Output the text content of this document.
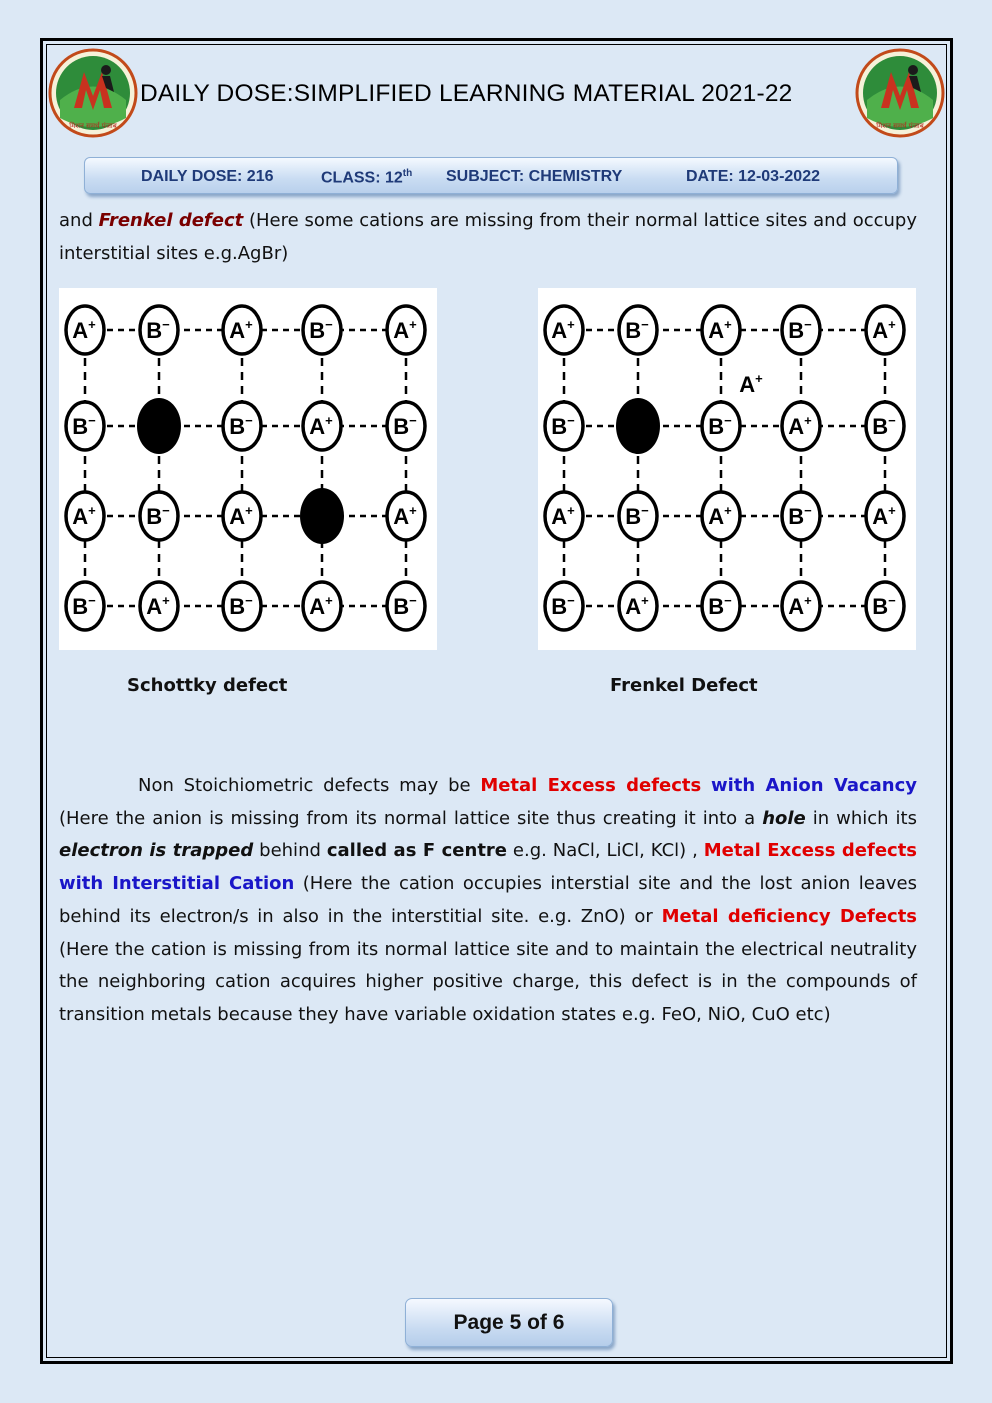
मिशन समर्थ पंजाब	मिशन समर्थ पंजाब
DAILY DOSE:SIMPLIFIED LEARNING MATERIAL 2021-22
DAILY DOSE: 216	CLASS: 12th SUBJECT: CHEMISTRY	DATE: 12-03-2022

and Frenkel defect (Here some cations are missing from their normal lattice sites and occupy interstitial sites e.g.AgBr)

A+ B−	A+	B−	A+
B−	B−	A+	B−
A+ B−	A+	A+
B− A+	B−	A+	B−
A+ B−	A+	B−	A+
B−	B−	A+	B−
A+ B−	A+	B−	A+
B− A+	B−	A+	B−
A+
Schottky defect	Frenkel Defect

Non Stoichiometric defects may be Metal Excess defects with Anion Vacancy (Here the anion is missing from its normal lattice site thus creating it into a hole in which its electron is trapped behind called as F centre e.g. NaCl, LiCl, KCl) , Metal Excess defects with Interstitial Cation (Here the cation occupies interstial site and the lost anion leaves behind its electron/s in also in the interstitial site. e.g. ZnO) or Metal deficiency Defects (Here the cation is missing from its normal lattice site and to maintain the electrical neutrality the neighboring cation acquires higher positive charge, this defect is in the compounds of transition metals because they have variable oxidation states e.g. FeO, NiO, CuO etc)

Page 5 of 6
